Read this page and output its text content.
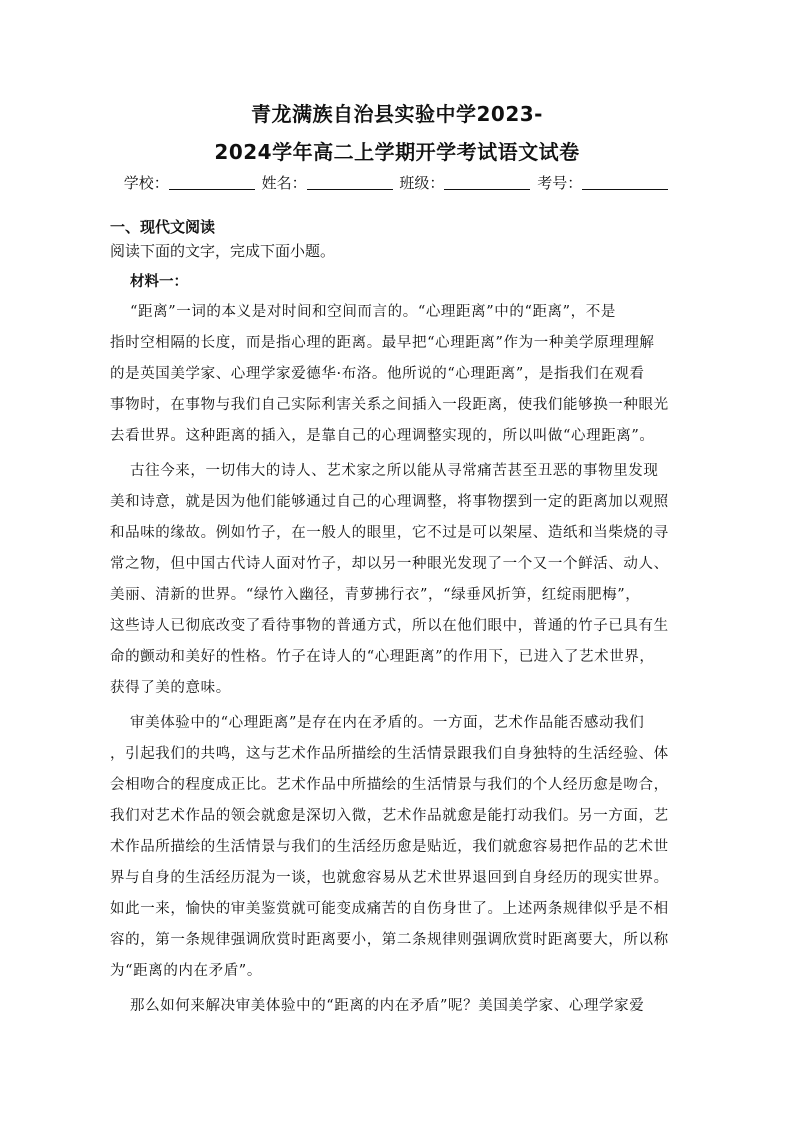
青龙满族自治县实验中学2023-
2024学年高二上学期开学考试语文试卷
学校：	姓名：	班级：	考号：
一、现代文阅读
阅读下面的文字，完成下面小题。
材料一：
“距离”一词的本义是对时间和空间而言的。“心理距离”中的“距离”，不是
指时空相隔的长度，而是指心理的距离。最早把“心理距离”作为一种美学原理理解
的是英国美学家、心理学家爱德华·布洛。他所说的“心理距离”，是指我们在观看
事物时，在事物与我们自己实际利害关系之间插入一段距离，使我们能够换一种眼光
去看世界。这种距离的插入，是靠自己的心理调整实现的，所以叫做“心理距离”。
古往今来，一切伟大的诗人、艺术家之所以能从寻常痛苦甚至丑恶的事物里发现
美和诗意，就是因为他们能够通过自己的心理调整，将事物摆到一定的距离加以观照
和品味的缘故。例如竹子，在一般人的眼里，它不过是可以架屋、造纸和当柴烧的寻
常之物，但中国古代诗人面对竹子，却以另一种眼光发现了一个又一个鲜活、动人、
美丽、清新的世界。“绿竹入幽径，青萝拂行衣”，“绿垂风折笋，红绽雨肥梅”，
这些诗人已彻底改变了看待事物的普通方式，所以在他们眼中，普通的竹子已具有生
命的颤动和美好的性格。竹子在诗人的“心理距离”的作用下，已进入了艺术世界，
获得了美的意味。
审美体验中的“心理距离”是存在内在矛盾的。一方面，艺术作品能否感动我们
，引起我们的共鸣，这与艺术作品所描绘的生活情景跟我们自身独特的生活经验、体
会相吻合的程度成正比。艺术作品中所描绘的生活情景与我们的个人经历愈是吻合，
我们对艺术作品的领会就愈是深切入微，艺术作品就愈是能打动我们。另一方面，艺
术作品所描绘的生活情景与我们的生活经历愈是贴近，我们就愈容易把作品的艺术世
界与自身的生活经历混为一谈，也就愈容易从艺术世界退回到自身经历的现实世界。
如此一来，愉快的审美鉴赏就可能变成痛苦的自伤身世了。上述两条规律似乎是不相
容的，第一条规律强调欣赏时距离要小，第二条规律则强调欣赏时距离要大，所以称
为“距离的内在矛盾”。
那么如何来解决审美体验中的“距离的内在矛盾”呢？美国美学家、心理学家爱
